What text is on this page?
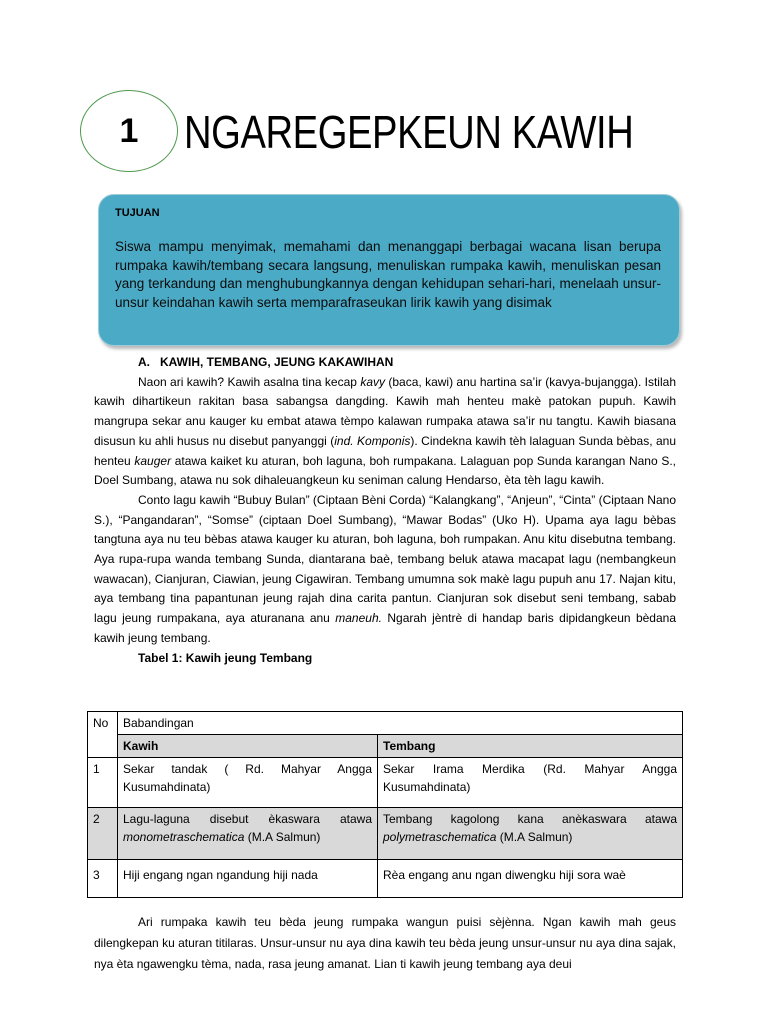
1 NGAREGEPKEUN KAWIH
TUJUAN
Siswa mampu menyimak, memahami dan menanggapi berbagai wacana lisan berupa rumpaka kawih/tembang secara langsung, menuliskan rumpaka kawih, menuliskan pesan yang terkandung dan menghubungkannya dengan kehidupan sehari-hari, menelaah unsur-unsur keindahan kawih serta memparafraseukan lirik kawih yang disimak
A.   KAWIH, TEMBANG, JEUNG KAKAWIHAN

Naon ari kawih? Kawih asalna tina kecap kavy (baca, kawi) anu hartina sa’ir (kavya-bujangga). Istilah kawih dihartikeun rakitan basa sabangsa dangding. Kawih mah henteu makè patokan pupuh. Kawih mangrupa sekar anu kauger ku embat atawa tèmpo kalawan rumpaka atawa sa’ir nu tangtu. Kawih biasana disusun ku ahli husus nu disebut panyanggi (ind. Komponis). Cindekna kawih tèh lalaguan Sunda bèbas, anu henteu kauger atawa kaiket ku aturan, boh laguna, boh rumpakana. Lalaguan pop Sunda karangan Nano S., Doel Sumbang, atawa nu sok dihaleuangkeun ku seniman calung Hendarso, èta tèh lagu kawih.

Conto lagu kawih “Bubuy Bulan” (Ciptaan Bèni Corda) “Kalangkang”, “Anjeun”, “Cinta” (Ciptaan Nano S.), “Pangandaran”, “Somse” (ciptaan Doel Sumbang), “Mawar Bodas” (Uko H). Upama aya lagu bèbas tangtuna aya nu teu bèbas atawa kauger ku aturan, boh laguna, boh rumpakan. Anu kitu disebutna tembang. Aya rupa-rupa wanda tembang Sunda, diantarana baè, tembang beluk atawa macapat lagu (nembangkeun wawacan), Cianjuran, Ciawian, jeung Cigawiran. Tembang umumna sok makè lagu pupuh anu 17. Najan kitu, aya tembang tina papantunan jeung rajah dina carita pantun. Cianjuran sok disebut seni tembang, sabab lagu jeung rumpakana, aya aturanana anu maneuh. Ngarah jèntrè di handap baris dipidangkeun bèdana kawih jeung tembang.

Tabel 1: Kawih jeung Tembang
No	Babandingan	
	Kawih	Tembang
1	Sekar tandak ( Rd. Mahyar Angga Kusumahdinata)	Sekar Irama Merdika (Rd. Mahyar Angga Kusumahdinata)
2	Lagu-laguna disebut èkaswara atawa monometraschematica (M.A Salmun)	Tembang kagolong kana anèkaswara atawa polymetraschematica (M.A Salmun)
3	Hiji engang ngan ngandung hiji nada	Rèa engang anu ngan diwengku hiji sora waè

Ari rumpaka kawih teu bèda jeung rumpaka wangun puisi sèjènna. Ngan kawih mah geus dilengkepan ku aturan titilaras. Unsur-unsur nu aya dina kawih teu bèda jeung unsur-unsur nu aya dina sajak, nya èta ngawengku tèma, nada, rasa jeung amanat. Lian ti kawih jeung tembang aya deui
